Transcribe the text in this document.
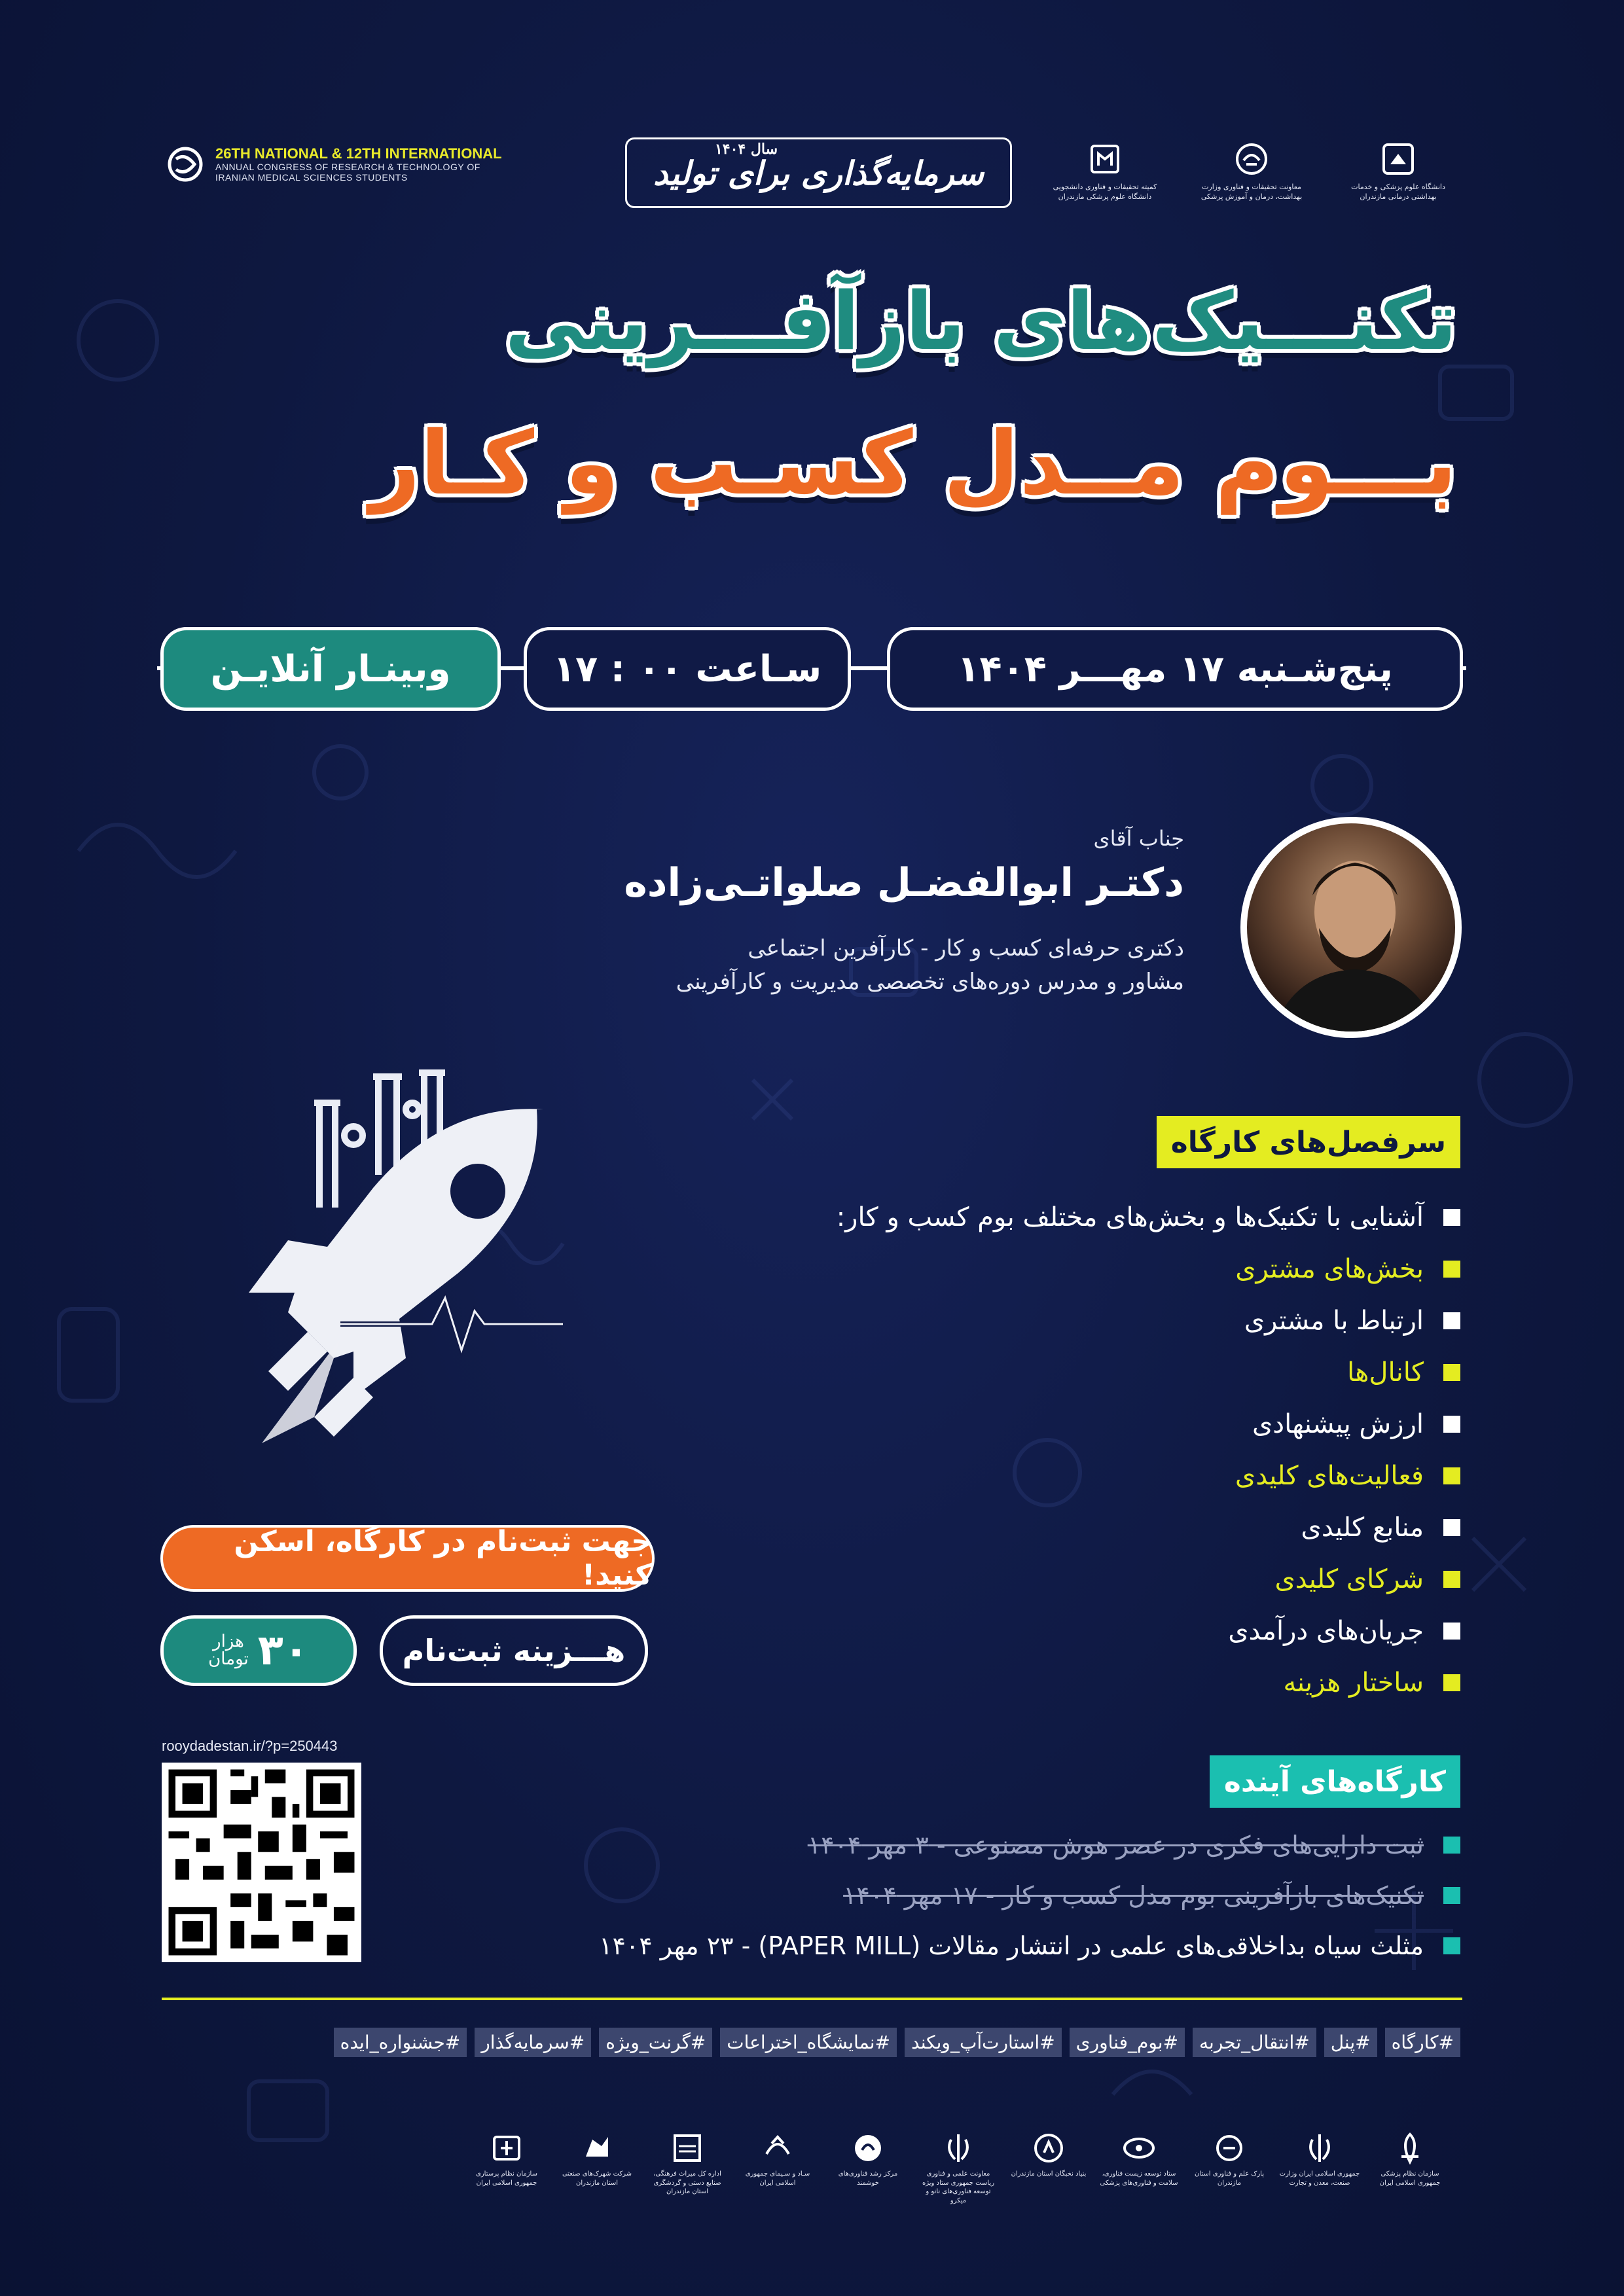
26TH NATIONAL & 12TH INTERNATIONAL
ANNUAL CONGRESS OF RESEARCH & TECHNOLOGY OF
IRANIAN MEDICAL SCIENCES STUDENTS
سال ۱۴۰۴
سرمایه‌گذاری برای تولید	دانشگاه علوم پزشکی و خدمات بهداشتی درمانی مازندران
معاونت تحقیقات و فناوری وزارت بهداشت، درمان و آموزش پزشکی
کمیته تحقیقات و فناوری دانشجویی دانشگاه علوم پزشکی مازندران
تکنـــیک‌های بازآفـــرینی
بـــوم مــدل کسـب و کـار
پنج‌شـنبه ۱۷ مهـــر ۱۴۰۴
سـاعت ۰۰ : ۱۷
وبینـار آنلایـن
جناب آقای
دکتـر ابوالفضـل صلواتـی‌زاده
دکتری حرفه‌ای کسب و کار - کارآفرین اجتماعی
مشاور و مدرس دوره‌های تخصصی مدیریت و کارآفرینی
سرفصل‌های کارگاه
آشنایی با تکنیک‌ها و بخش‌های مختلف بوم کسب و کار:
بخش‌های مشتری
ارتباط با مشتری
کانال‌ها
ارزش پیشنهادی
فعالیت‌های کلیدی
منابع کلیدی
شرکای کلیدی
جریان‌های درآمدی
ساختار هزینه
جهت ثبت‌نام در کارگاه، اسکن کنید!
هـــزینه ثبت‌نام
هزار
تومان ۳۰
rooydadestan.ir/?p=250443
کارگاه‌های آینده
ثبت دارایی‌های فکری در عصر هوش مصنوعی - ۳ مهر ۱۴۰۴
تکنیک‌های بازآفرینی بوم مدل کسب و کار - ۱۷ مهر ۱۴۰۴
مثلث سیاه بداخلاقی‌های علمی در انتشار مقالات (PAPER MILL) - ۲۳ مهر ۱۴۰۴
#کارگاه
#پنل
#انتقال_تجربه
#بوم_فناوری
#استارت‌آپ_ویکند
#نمایشگاه_اختراعات
#گرنت_ویژه
#سرمایه‌گذار
#جشنواره_ایده
سازمان نظام پزشکی جمهوری اسلامی ایران
جمهوری اسلامی ایران وزارت صنعت، معدن و تجارت
پارک علم و فناوری استان مازندران
ستاد توسعه زیست فناوری، سلامت و فناوری‌های پزشکی
بنیاد نخبگان استان مازندران
معاونت علمی و فناوری ریاست جمهوری ستاد ویژه توسعه فناوری‌های نانو و میکرو
مرکز رشد فناوری‌های خوشمند
سـاد و سـیمای جمهوری اسلامی ایران
اداره کل میراث فرهنگی، صنایع دستی و گردشگری استان مازندران
شرکت شهرک‌های صنعتی استان مازندران
سازمان نظام پرستاری جمهوری اسلامی ایران
